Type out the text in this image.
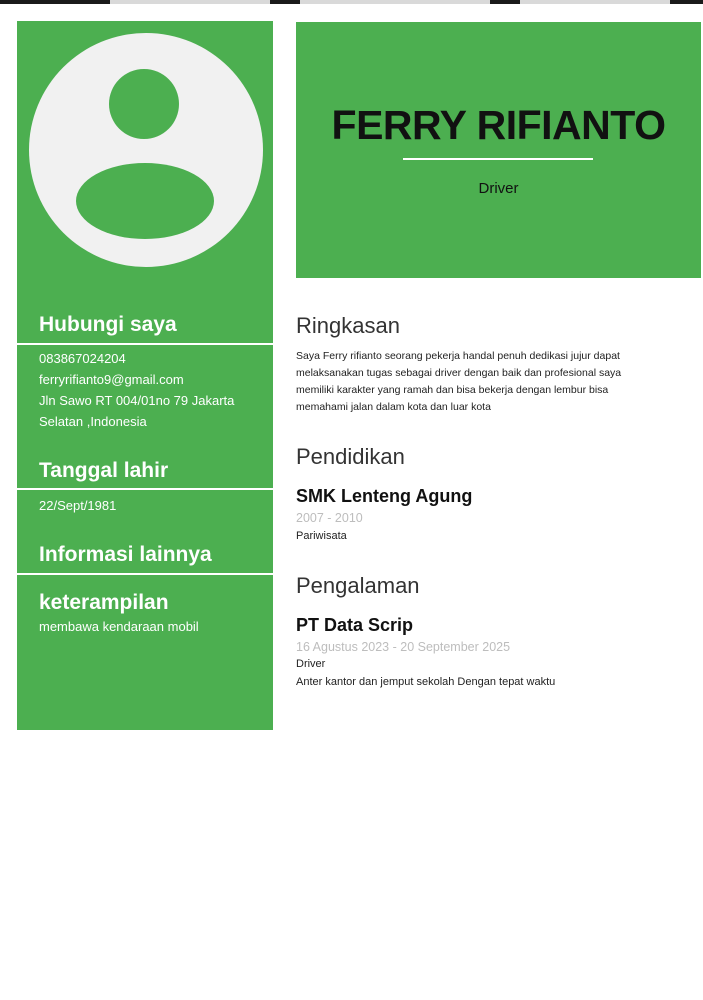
Hubungi saya
083867024204
ferryrifianto9@gmail.com
Jln Sawo RT 004/01no 79 Jakarta
Selatan ,Indonesia
Tanggal lahir
22/Sept/1981
Informasi lainnya
keterampilan
membawa kendaraan mobil
FERRY RIFIANTO
Driver
Ringkasan
Saya Ferry rifianto seorang pekerja handal penuh dedikasi jujur dapat
melaksanakan tugas sebagai driver dengan baik dan profesional saya
memiliki karakter yang ramah dan bisa bekerja dengan lembur bisa
memahami jalan dalam kota dan luar kota
Pendidikan
SMK Lenteng Agung
2007 - 2010
Pariwisata
Pengalaman
PT Data Scrip
16 Agustus 2023 - 20 September 2025
Driver
Anter kantor dan jemput sekolah Dengan tepat waktu
